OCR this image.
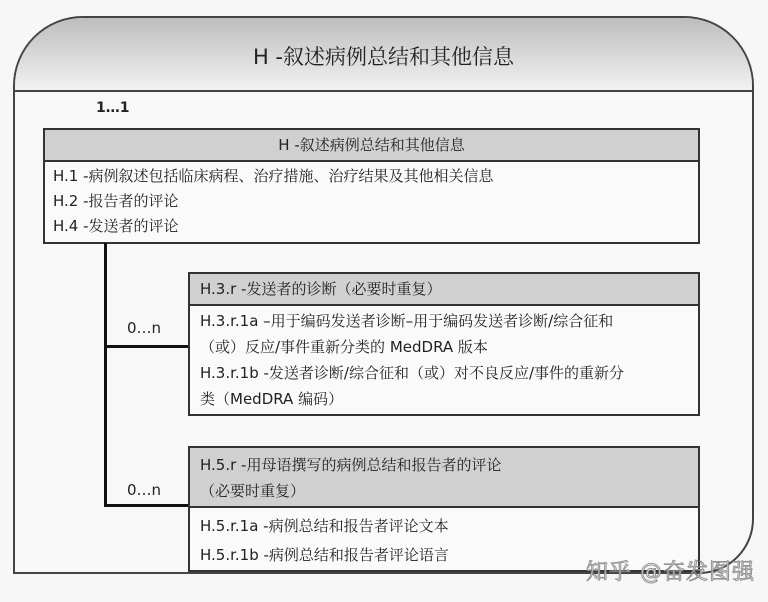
H -叙述病例总结和其他信息
1…1
H -叙述病例总结和其他信息
H.1 -病例叙述包括临床病程、治疗措施、治疗结果及其他相关信息
H.2 -报告者的评论
H.4 -发送者的评论
0…n
0…n
H.3.r -发送者的诊断（必要时重复）
H.3.r.1a –用于编码发送者诊断–用于编码发送者诊断/综合征和
（或）反应/事件重新分类的 MedDRA 版本
H.3.r.1b -发送者诊断/综合征和（或）对不良反应/事件的重新分
类（MedDRA 编码）
H.5.r -用母语撰写的病例总结和报告者的评论
（必要时重复）
H.5.r.1a -病例总结和报告者评论文本
H.5.r.1b -病例总结和报告者评论语言
知乎 @奋发图强
